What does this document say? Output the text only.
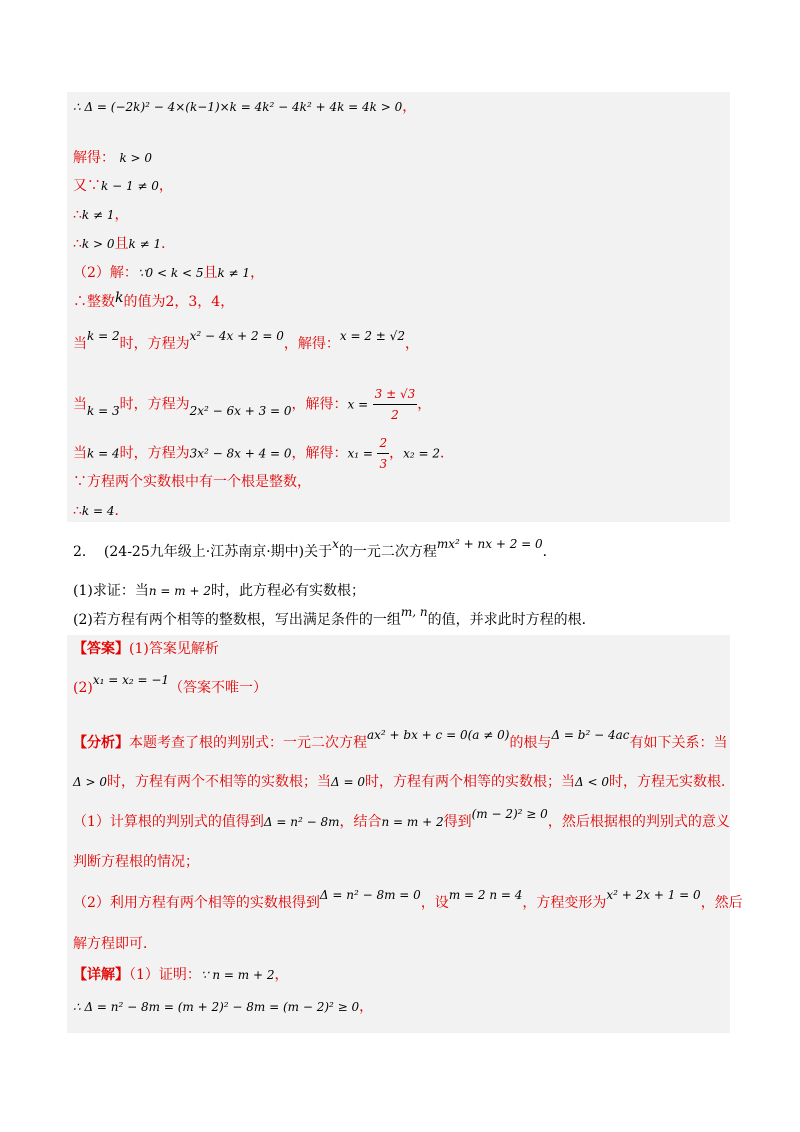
∴ Δ = (−2k)² − 4×(k−1)×k = 4k² − 4k² + 4k = 4k > 0，
解得： k > 0
又∵k − 1 ≠ 0，
∴k ≠ 1，
∴k > 0且k ≠ 1．
（2）解：∵0 < k < 5且k ≠ 1，
∴整数k的值为2，3，4，
当k = 2时，方程为x² − 4x + 2 = 0，解得：x = 2 ± √2，
当k = 3时，方程为2x² − 6x + 3 = 0，解得：$x = \frac{3 \pm √3}{2}$ ，
当k = 4时，方程为3x² − 8x + 4 = 0，解得：$x_1 = \frac{2}{3}$ ，x₂ = 2．
∵方程两个实数根中有一个根是整数，
∴k = 4．
2． (24-25九年级上·江苏南京·期中)关于x的一元二次方程mx² + nx + 2 = 0．
(1)求证：当n = m + 2时，此方程必有实数根；
(2)若方程有两个相等的整数根，写出满足条件的一组m, n的值，并求此时方程的根．
【答案】(1)答案见解析
(2)x₁ = x₂ = −1（答案不唯一）
【分析】本题考查了根的判别式：一元二次方程ax² + bx + c = 0(a ≠ 0)的根与Δ = b² − 4ac有如下关系：当
Δ > 0时，方程有两个不相等的实数根；当Δ = 0时，方程有两个相等的实数根；当Δ < 0时，方程无实数根．
（1）计算根的判别式的值得到Δ = n² − 8m，结合n = m + 2得到(m − 2)² ≥ 0，然后根据根的判别式的意义
判断方程根的情况；
（2）利用方程有两个相等的实数根得到Δ = n² − 8m = 0，设m = 2 n = 4，方程变形为x² + 2x + 1 = 0，然后
解方程即可．
【详解】（1）证明：∵ n = m + 2，
∴ Δ = n² − 8m = (m + 2)² − 8m = (m − 2)² ≥ 0，
